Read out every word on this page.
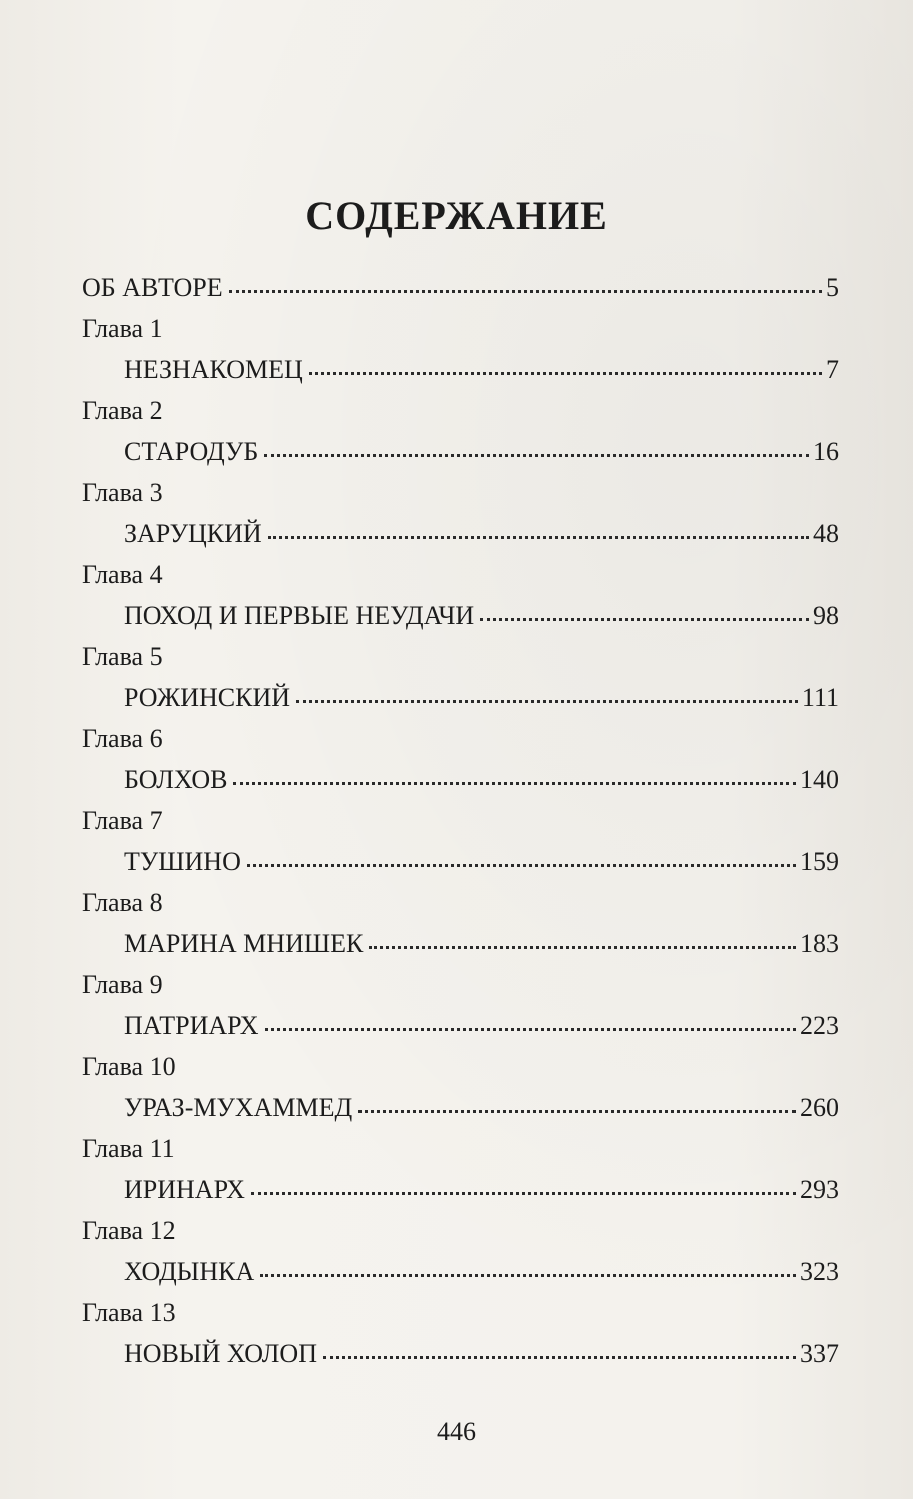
СОДЕРЖАНИЕ
ОБ АВТОРЕ	5
Глава 1
НЕЗНАКОМЕЦ	7
Глава 2
СТАРОДУБ	16
Глава 3
ЗАРУЦКИЙ	48
Глава 4
ПОХОД И ПЕРВЫЕ НЕУДАЧИ	98
Глава 5
РОЖИНСКИЙ	111
Глава 6
БОЛХОВ	140
Глава 7
ТУШИНО	159
Глава 8
МАРИНА МНИШЕК	183
Глава 9
ПАТРИАРХ	223
Глава 10
УРАЗ-МУХАММЕД	260
Глава 11
ИРИНАРХ	293
Глава 12
ХОДЫНКА	323
Глава 13
НОВЫЙ ХОЛОП	337
446
